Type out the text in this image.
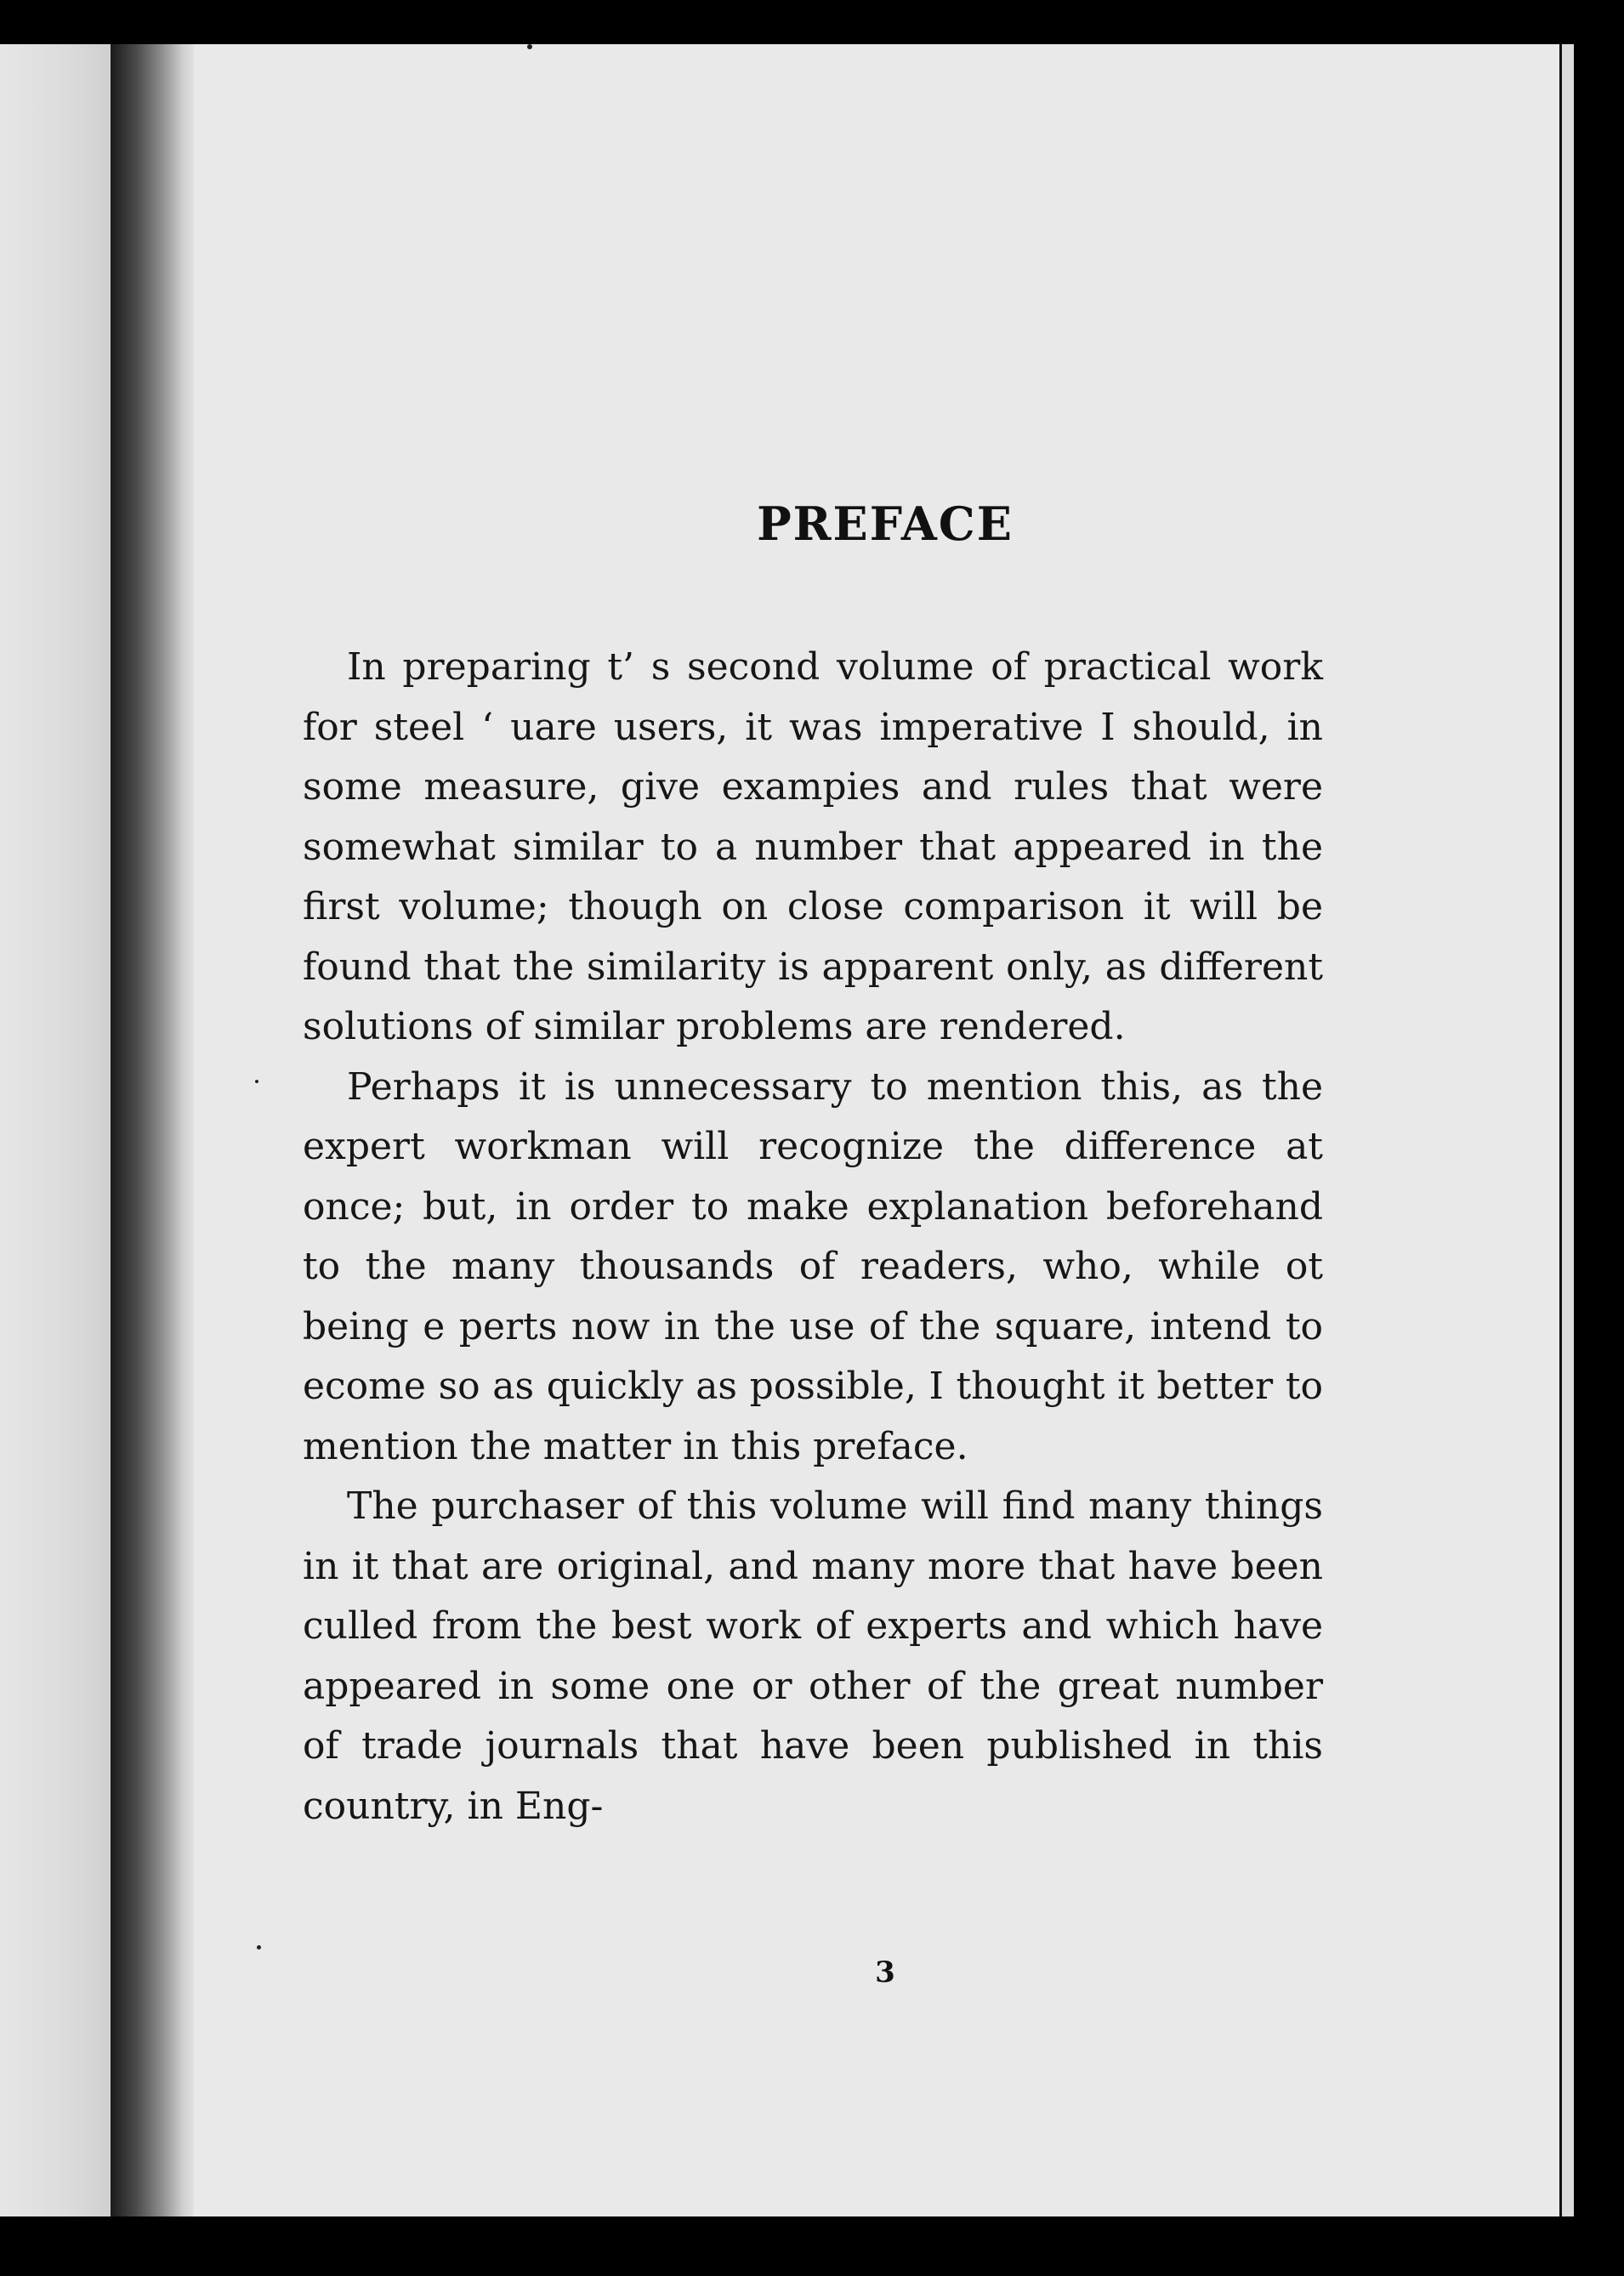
PREFACE

In preparing t’ s second volume of practical work for steel ‘ uare users, it was imperative I should, in some measure, give exampies and rules that were somewhat similar to a number that appeared in the first volume; though on close comparison it will be found that the similarity is apparent only, as different solutions of similar problems are rendered.

Perhaps it is unnecessary to mention this, as the expert workman will recognize the difference at once; but, in order to make explanation beforehand to the many thousands of readers, who, while ot being e perts now in the use of the square, intend to ecome so as quickly as possible, I thought it better to mention the matter in this preface.

The purchaser of this volume will find many things in it that are original, and many more that have been culled from the best work of experts and which have appeared in some one or other of the great number of trade journals that have been published in this country, in Eng-

3
